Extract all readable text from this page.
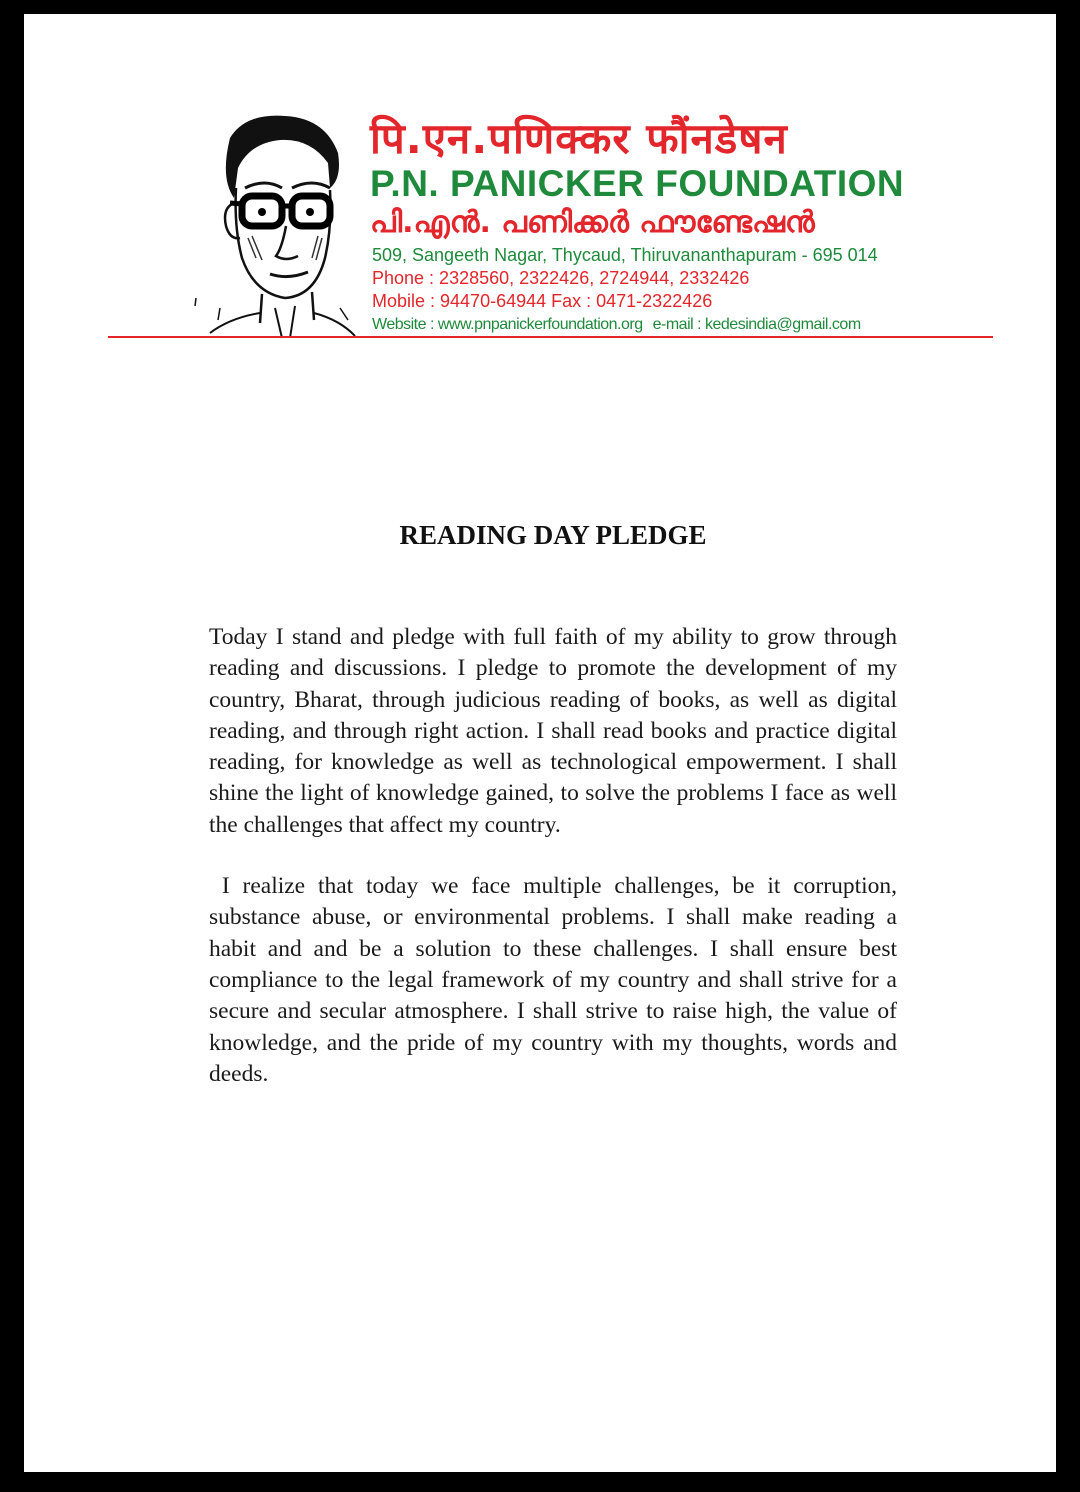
पि.एन.पणिक्कर फौंनडेषन

P.N. PANICKER FOUNDATION

പി.എൻ. പണിക്കർ ഫൗണ്ടേഷൻ

509, Sangeeth Nagar, Thycaud, Thiruvananthapuram - 695 014

Phone : 2328560, 2322426, 2724944, 2332426

Mobile : 94470-64944 Fax : 0471-2322426

Website : www.pnpanickerfoundation.org e-mail : kedesindia@gmail.com

READING DAY PLEDGE

Today I stand and pledge with full faith of my ability to grow through reading and discussions. I pledge to promote the development of my country, Bharat, through judicious reading of books, as well as digital reading, and through right action. I shall read books and practice digital reading, for knowledge as well as technological empowerment. I shall shine the light of knowledge gained, to solve the problems I face as well the challenges that affect my country.

I realize that today we face multiple challenges, be it corruption, substance abuse, or environmental problems. I shall make reading a habit and and be a solution to these challenges. I shall ensure best compliance to the legal framework of my country and shall strive for a secure and secular atmosphere. I shall strive to raise high, the value of knowledge, and the pride of my country with my thoughts, words and deeds.
